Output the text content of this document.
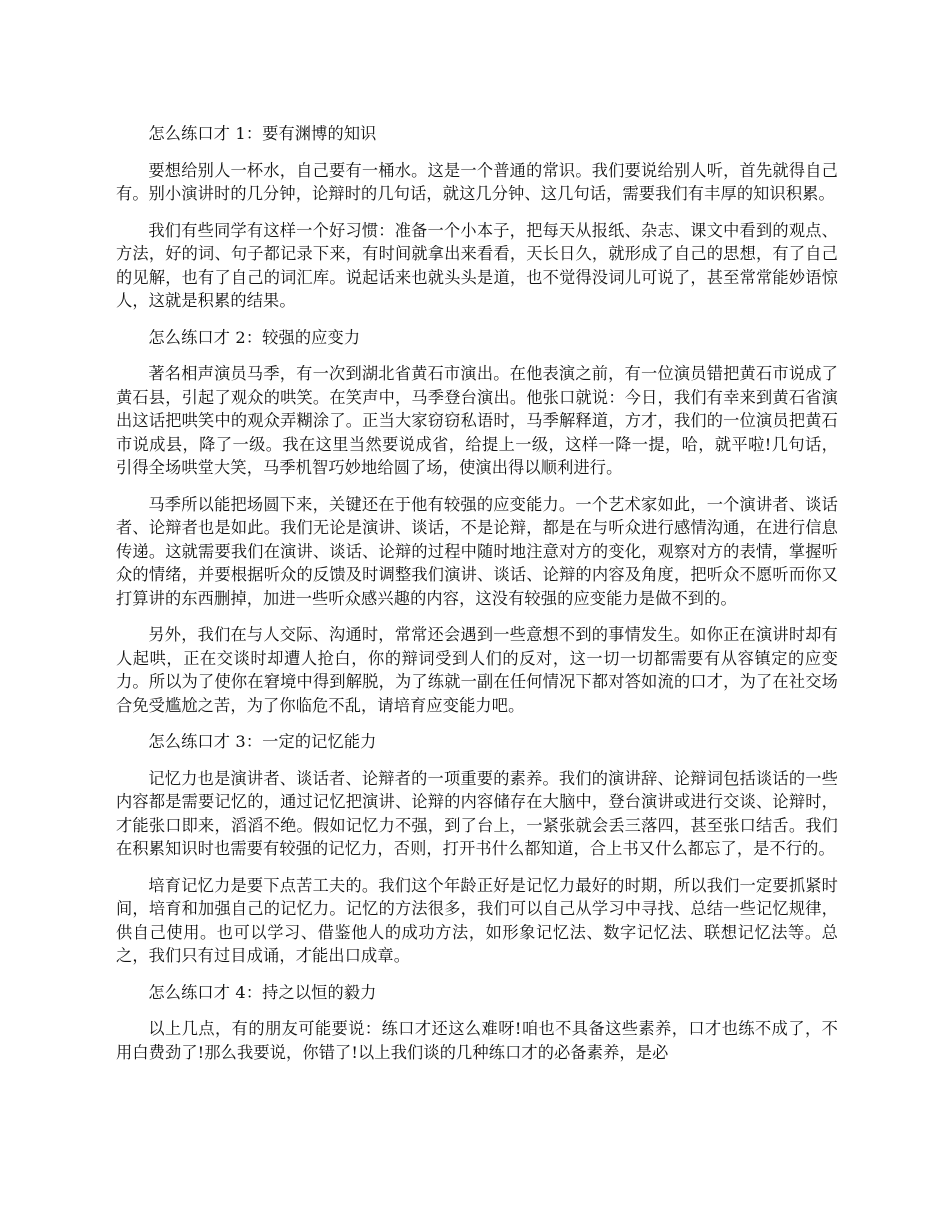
怎么练口才 1：要有渊博的知识

要想给别人一杯水，自己要有一桶水。这是一个普通的常识。我们要说给别人听，首先就得自己有。别小演讲时的几分钟，论辩时的几句话，就这几分钟、这几句话，需要我们有丰厚的知识积累。

我们有些同学有这样一个好习惯：准备一个小本子，把每天从报纸、杂志、课文中看到的观点、方法，好的词、句子都记录下来，有时间就拿出来看看，天长日久，就形成了自己的思想，有了自己的见解，也有了自己的词汇库。说起话来也就头头是道，也不觉得没词儿可说了，甚至常常能妙语惊人，这就是积累的结果。

怎么练口才 2：较强的应变力

著名相声演员马季，有一次到湖北省黄石市演出。在他表演之前，有一位演员错把黄石市说成了黄石县，引起了观众的哄笑。在笑声中，马季登台演出。他张口就说：今日，我们有幸来到黄石省演出这话把哄笑中的观众弄糊涂了。正当大家窃窃私语时，马季解释道，方才，我们的一位演员把黄石市说成县，降了一级。我在这里当然要说成省，给提上一级，这样一降一提，哈，就平啦!几句话，引得全场哄堂大笑，马季机智巧妙地给圆了场，使演出得以顺利进行。

马季所以能把场圆下来，关键还在于他有较强的应变能力。一个艺术家如此，一个演讲者、谈话者、论辩者也是如此。我们无论是演讲、谈话，不是论辩，都是在与听众进行感情沟通，在进行信息传递。这就需要我们在演讲、谈话、论辩的过程中随时地注意对方的变化，观察对方的表情，掌握听众的情绪，并要根据听众的反馈及时调整我们演讲、谈话、论辩的内容及角度，把听众不愿听而你又打算讲的东西删掉，加进一些听众感兴趣的内容，这没有较强的应变能力是做不到的。

另外，我们在与人交际、沟通时，常常还会遇到一些意想不到的事情发生。如你正在演讲时却有人起哄，正在交谈时却遭人抢白，你的辩词受到人们的反对，这一切一切都需要有从容镇定的应变力。所以为了使你在窘境中得到解脱，为了练就一副在任何情况下都对答如流的口才，为了在社交场合免受尴尬之苦，为了你临危不乱，请培育应变能力吧。

怎么练口才 3：一定的记忆能力

记忆力也是演讲者、谈话者、论辩者的一项重要的素养。我们的演讲辞、论辩词包括谈话的一些内容都是需要记忆的，通过记忆把演讲、论辩的内容储存在大脑中，登台演讲或进行交谈、论辩时，才能张口即来，滔滔不绝。假如记忆力不强，到了台上，一紧张就会丢三落四，甚至张口结舌。我们在积累知识时也需要有较强的记忆力，否则，打开书什么都知道，合上书又什么都忘了，是不行的。

培育记忆力是要下点苦工夫的。我们这个年龄正好是记忆力最好的时期，所以我们一定要抓紧时间，培育和加强自己的记忆力。记忆的方法很多，我们可以自己从学习中寻找、总结一些记忆规律，供自己使用。也可以学习、借鉴他人的成功方法，如形象记忆法、数字记忆法、联想记忆法等。总之，我们只有过目成诵，才能出口成章。

怎么练口才 4：持之以恒的毅力

以上几点，有的朋友可能要说：练口才还这么难呀!咱也不具备这些素养，口才也练不成了，不用白费劲了!那么我要说，你错了!以上我们谈的几种练口才的必备素养，是必
